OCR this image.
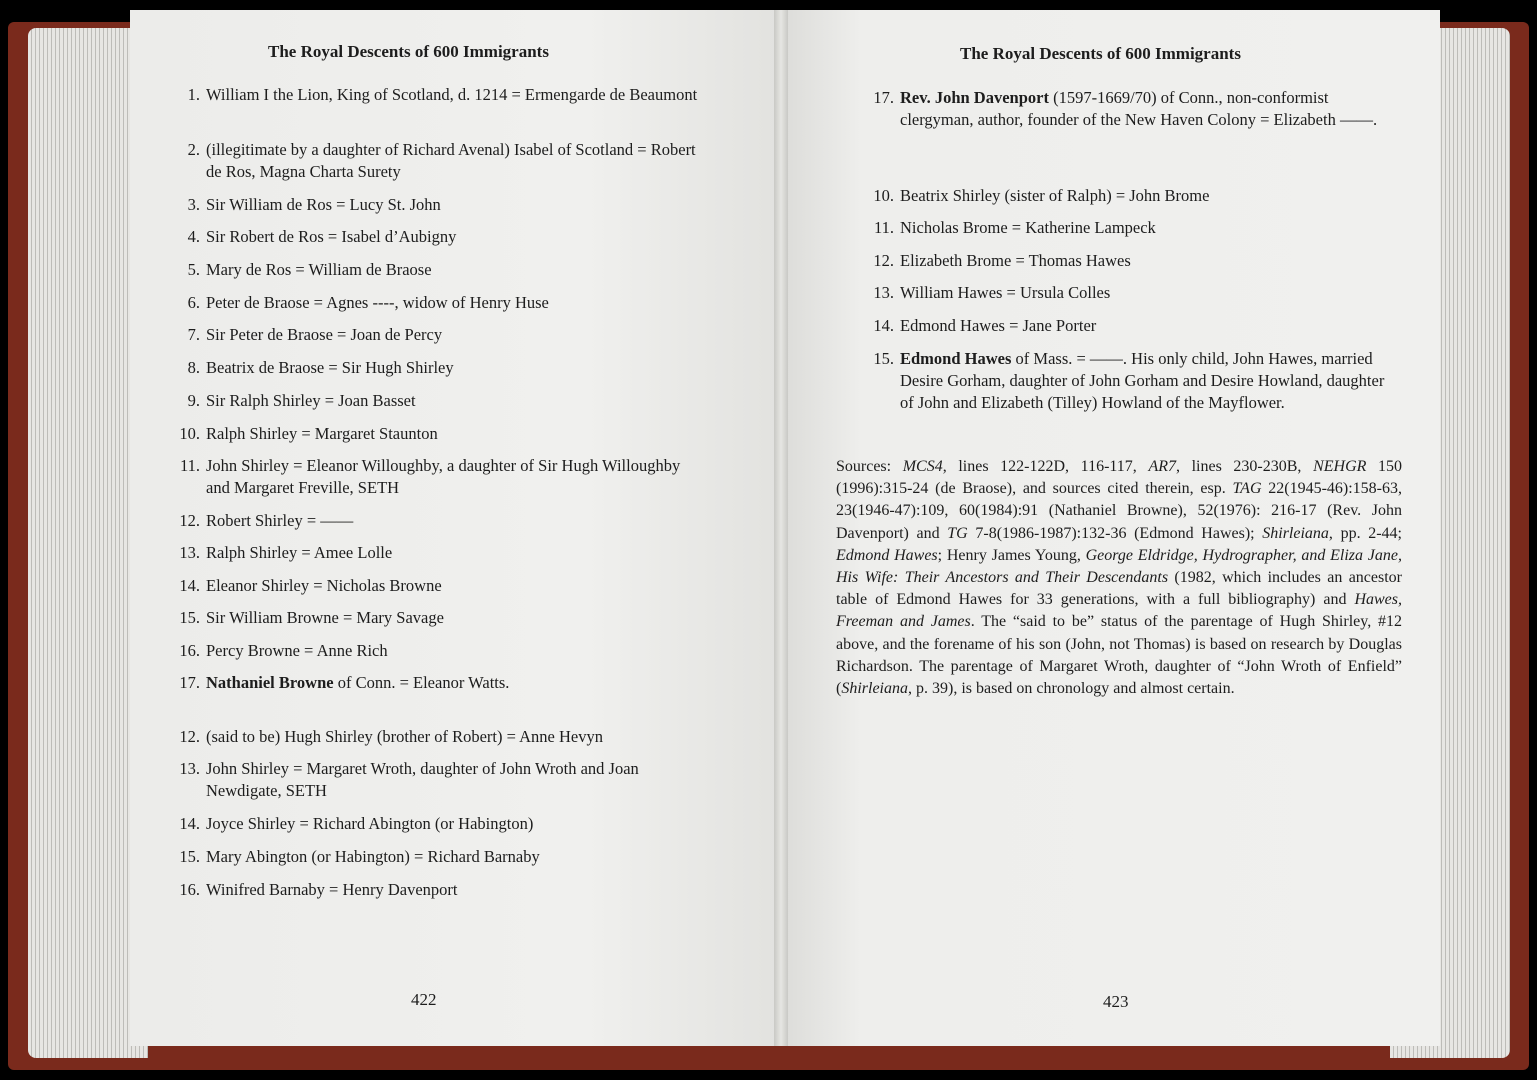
The Royal Descents of 600 Immigrants	The Royal Descents of 600 Immigrants
422	423
1. William I the Lion, King of Scotland, d. 1214 = Ermengarde de Beaumont
2. (illegitimate by a daughter of Richard Avenal) Isabel of Scotland = Robert de Ros, Magna Charta Surety
3. Sir William de Ros = Lucy St. John
4. Sir Robert de Ros = Isabel d’Aubigny
5. Mary de Ros = William de Braose
6. Peter de Braose = Agnes ----, widow of Henry Huse
7. Sir Peter de Braose = Joan de Percy
8. Beatrix de Braose = Sir Hugh Shirley
9. Sir Ralph Shirley = Joan Basset
10. Ralph Shirley = Margaret Staunton
11. John Shirley = Eleanor Willoughby, a daughter of Sir Hugh Willoughby and Margaret Freville, SETH
12. Robert Shirley = ——
13. Ralph Shirley = Amee Lolle
14. Eleanor Shirley = Nicholas Browne
15. Sir William Browne = Mary Savage
16. Percy Browne = Anne Rich
17. Nathaniel Browne of Conn. = Eleanor Watts.
12. (said to be) Hugh Shirley (brother of Robert) = Anne Hevyn
13. John Shirley = Margaret Wroth, daughter of John Wroth and Joan Newdigate, SETH
14. Joyce Shirley = Richard Abington (or Habington)
15. Mary Abington (or Habington) = Richard Barnaby
16. Winifred Barnaby = Henry Davenport
17. Rev. John Davenport (1597-1669/70) of Conn., non-conformist clergyman, author, founder of the New Haven Colony = Elizabeth ——.
10. Beatrix Shirley (sister of Ralph) = John Brome
11. Nicholas Brome = Katherine Lampeck
12. Elizabeth Brome = Thomas Hawes
13. William Hawes = Ursula Colles
14. Edmond Hawes = Jane Porter
15. Edmond Hawes of Mass. = ——. His only child, John Hawes, married Desire Gorham, daughter of John Gorham and Desire Howland, daughter of John and Elizabeth (Tilley) Howland of the Mayflower.
Sources: MCS4, lines 122-122D, 116-117, AR7, lines 230-230B, NEHGR 150 (1996):315-24 (de Braose), and sources cited therein, esp. TAG 22(1945-46):158-63, 23(1946-47):109, 60(1984):91 (Nathaniel Browne), 52(1976): 216-17 (Rev. John Davenport) and TG 7-8(1986-1987):132-36 (Edmond Hawes); Shirleiana, pp. 2-44; Edmond Hawes; Henry James Young, George Eldridge, Hydrographer, and Eliza Jane, His Wife: Their Ancestors and Their Descendants (1982, which includes an ancestor table of Edmond Hawes for 33 generations, with a full bibliography) and Hawes, Freeman and James. The “said to be” status of the parentage of Hugh Shirley, #12 above, and the forename of his son (John, not Thomas) is based on research by Douglas Richardson. The parentage of Margaret Wroth, daughter of “John Wroth of Enfield” (Shirleiana, p. 39), is based on chronology and almost certain.
